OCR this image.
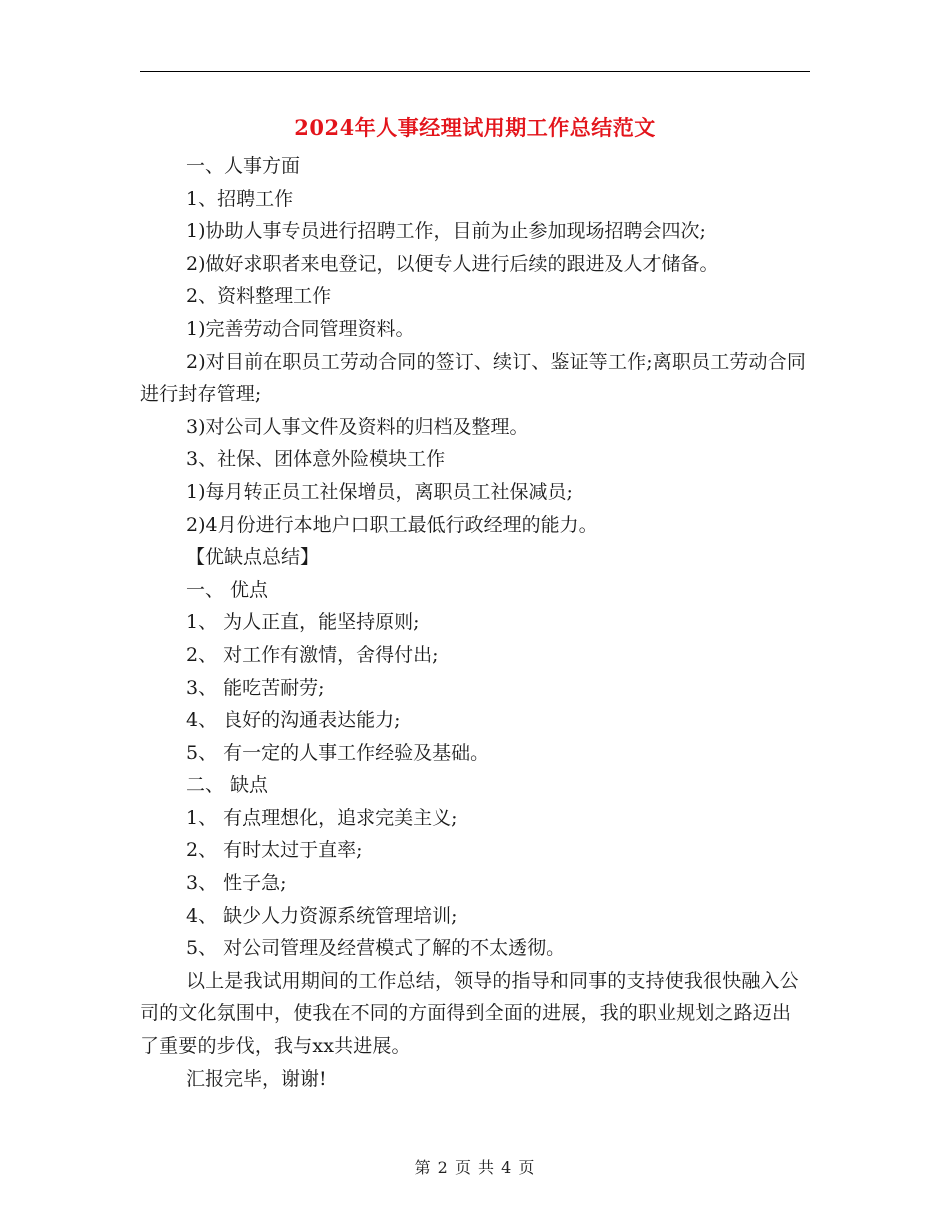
2024年人事经理试用期工作总结范文

一、人事方面

1、招聘工作

1)协助人事专员进行招聘工作，目前为止参加现场招聘会四次;

2)做好求职者来电登记，以便专人进行后续的跟进及人才储备。

2、资料整理工作

1)完善劳动合同管理资料。

2)对目前在职员工劳动合同的签订、续订、鉴证等工作;离职员工劳动合同进行封存管理;

3)对公司人事文件及资料的归档及整理。

3、社保、团体意外险模块工作

1)每月转正员工社保增员，离职员工社保减员;

2)4月份进行本地户口职工最低行政经理的能力。

【优缺点总结】

一、 优点

1、 为人正直，能坚持原则;

2、 对工作有激情，舍得付出;

3、 能吃苦耐劳;

4、 良好的沟通表达能力;

5、 有一定的人事工作经验及基础。

二、 缺点

1、 有点理想化，追求完美主义;

2、 有时太过于直率;

3、 性子急;

4、 缺少人力资源系统管理培训;

5、 对公司管理及经营模式了解的不太透彻。

以上是我试用期间的工作总结，领导的指导和同事的支持使我很快融入公司的文化氛围中，使我在不同的方面得到全面的进展，我的职业规划之路迈出了重要的步伐，我与xx共进展。

汇报完毕，谢谢!

第 2 页 共 4 页
